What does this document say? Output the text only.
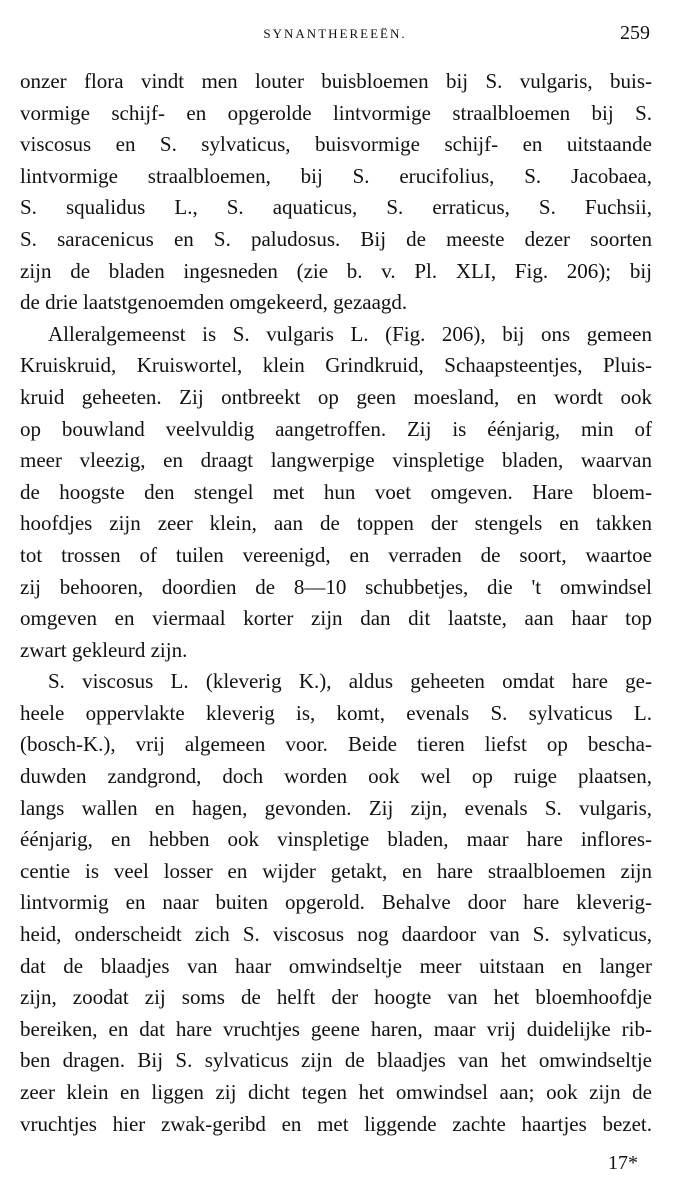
SYNANTHEREEËN.	259
onzer flora vindt men louter buisbloemen bij S. vulgaris, buis-
vormige schijf- en opgerolde lintvormige straalbloemen bij S.
viscosus en S. sylvaticus, buisvormige schijf- en uitstaande
lintvormige straalbloemen, bij S. erucifolius, S. Jacobaea,
S. squalidus L., S. aquaticus, S. erraticus, S. Fuchsii,
S. saracenicus en S. paludosus. Bij de meeste dezer soorten
zijn de bladen ingesneden (zie b. v. Pl. XLI, Fig. 206); bij
de drie laatstgenoemden omgekeerd, gezaagd.
Alleralgemeenst is S. vulgaris L. (Fig. 206), bij ons gemeen
Kruiskruid, Kruiswortel, klein Grindkruid, Schaapsteentjes, Pluis-
kruid geheeten. Zij ontbreekt op geen moesland, en wordt ook
op bouwland veelvuldig aangetroffen. Zij is éénjarig, min of
meer vleezig, en draagt langwerpige vinspletige bladen, waarvan
de hoogste den stengel met hun voet omgeven. Hare bloem-
hoofdjes zijn zeer klein, aan de toppen der stengels en takken
tot trossen of tuilen vereenigd, en verraden de soort, waartoe
zij behooren, doordien de 8—10 schubbetjes, die 't omwindsel
omgeven en viermaal korter zijn dan dit laatste, aan haar top
zwart gekleurd zijn.
S. viscosus L. (kleverig K.), aldus geheeten omdat hare ge-
heele oppervlakte kleverig is, komt, evenals S. sylvaticus L.
(bosch-K.), vrij algemeen voor. Beide tieren liefst op bescha-
duwden zandgrond, doch worden ook wel op ruige plaatsen,
langs wallen en hagen, gevonden. Zij zijn, evenals S. vulgaris,
éénjarig, en hebben ook vinspletige bladen, maar hare inflores-
centie is veel losser en wijder getakt, en hare straalbloemen zijn
lintvormig en naar buiten opgerold. Behalve door hare kleverig-
heid, onderscheidt zich S. viscosus nog daardoor van S. sylvaticus,
dat de blaadjes van haar omwindseltje meer uitstaan en langer
zijn, zoodat zij soms de helft der hoogte van het bloemhoofdje
bereiken, en dat hare vruchtjes geene haren, maar vrij duidelijke rib-
ben dragen. Bij S. sylvaticus zijn de blaadjes van het omwindseltje
zeer klein en liggen zij dicht tegen het omwindsel aan; ook zijn de
vruchtjes hier zwak-geribd en met liggende zachte haartjes bezet.
17*
